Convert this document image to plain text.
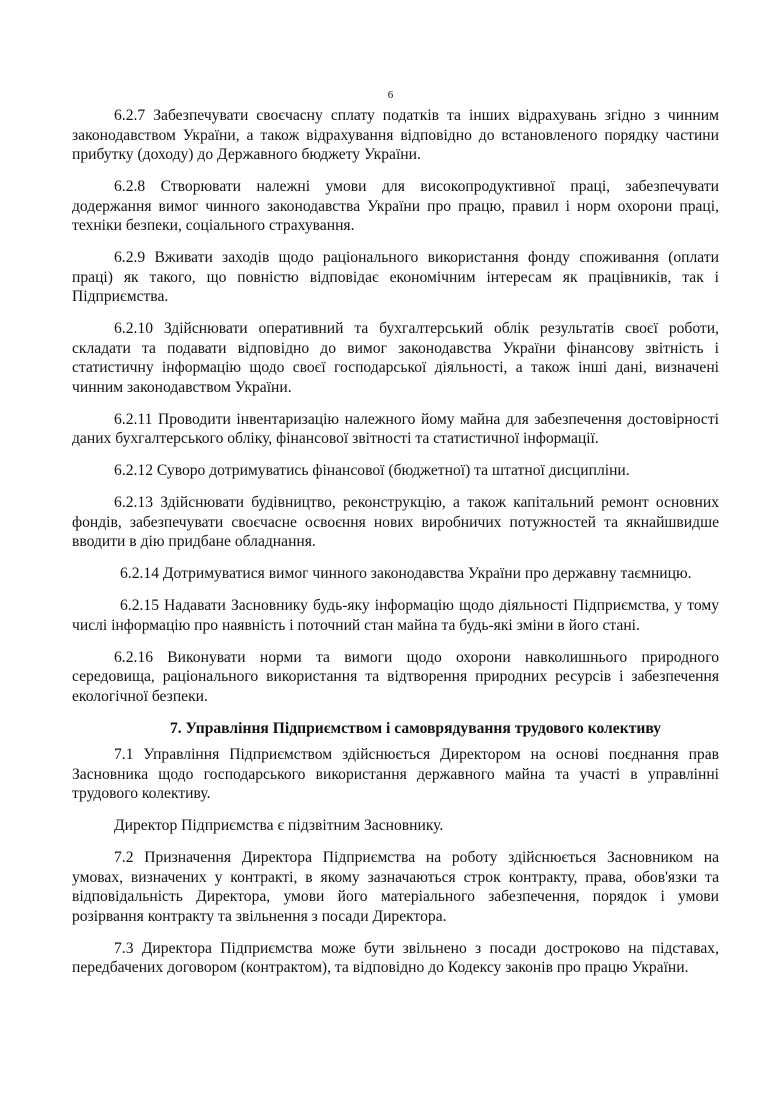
6

6.2.7 Забезпечувати своєчасну сплату податків та інших відрахувань згідно з чинним законодавством України, а також відрахування відповідно до встановленого порядку частини прибутку (доходу) до Державного бюджету України.

6.2.8 Створювати належні умови для високопродуктивної праці, забезпечувати додержання вимог чинного законодавства України про працю, правил і норм охорони праці, техніки безпеки, соціального страхування.

6.2.9 Вживати заходів щодо раціонального використання фонду споживання (оплати праці) як такого, що повністю відповідає економічним інтересам як працівників, так і Підприємства.

6.2.10 Здійснювати оперативний та бухгалтерський облік результатів своєї роботи, складати та подавати відповідно до вимог законодавства України фінансову звітність і статистичну інформацію щодо своєї господарської діяльності, а також інші дані, визначені чинним законодавством України.

6.2.11 Проводити інвентаризацію належного йому майна для забезпечення достовірності даних бухгалтерського обліку, фінансової звітності та статистичної інформації.

6.2.12 Суворо дотримуватись фінансової (бюджетної) та штатної дисципліни.

6.2.13 Здійснювати будівництво, реконструкцію, а також капітальний ремонт основних фондів, забезпечувати своєчасне освоєння нових виробничих потужностей та якнайшвидше вводити в дію придбане обладнання.

6.2.14 Дотримуватися вимог чинного законодавства України про державну таємницю.

6.2.15 Надавати Засновнику будь-яку інформацію щодо діяльності Підприємства, у тому числі інформацію про наявність і поточний стан майна та будь-які зміни в його стані.

6.2.16 Виконувати норми та вимоги щодо охорони навколишнього природного середовища, раціонального використання та відтворення природних ресурсів і забезпечення екологічної безпеки.

7. Управління Підприємством і самоврядування трудового колективу

7.1 Управління Підприємством здійснюється Директором на основі поєднання прав Засновника щодо господарського використання державного майна та участі в управлінні трудового колективу.

Директор Підприємства є підзвітним Засновнику.

7.2 Призначення Директора Підприємства на роботу здійснюється Засновником на умовах, визначених у контракті, в якому зазначаються строк контракту, права, обов'язки та відповідальність Директора, умови його матеріального забезпечення, порядок і умови розірвання контракту та звільнення з посади Директора.

7.3 Директора Підприємства може бути звільнено з посади достроково на підставах, передбачених договором (контрактом), та відповідно до Кодексу законів про працю України.
